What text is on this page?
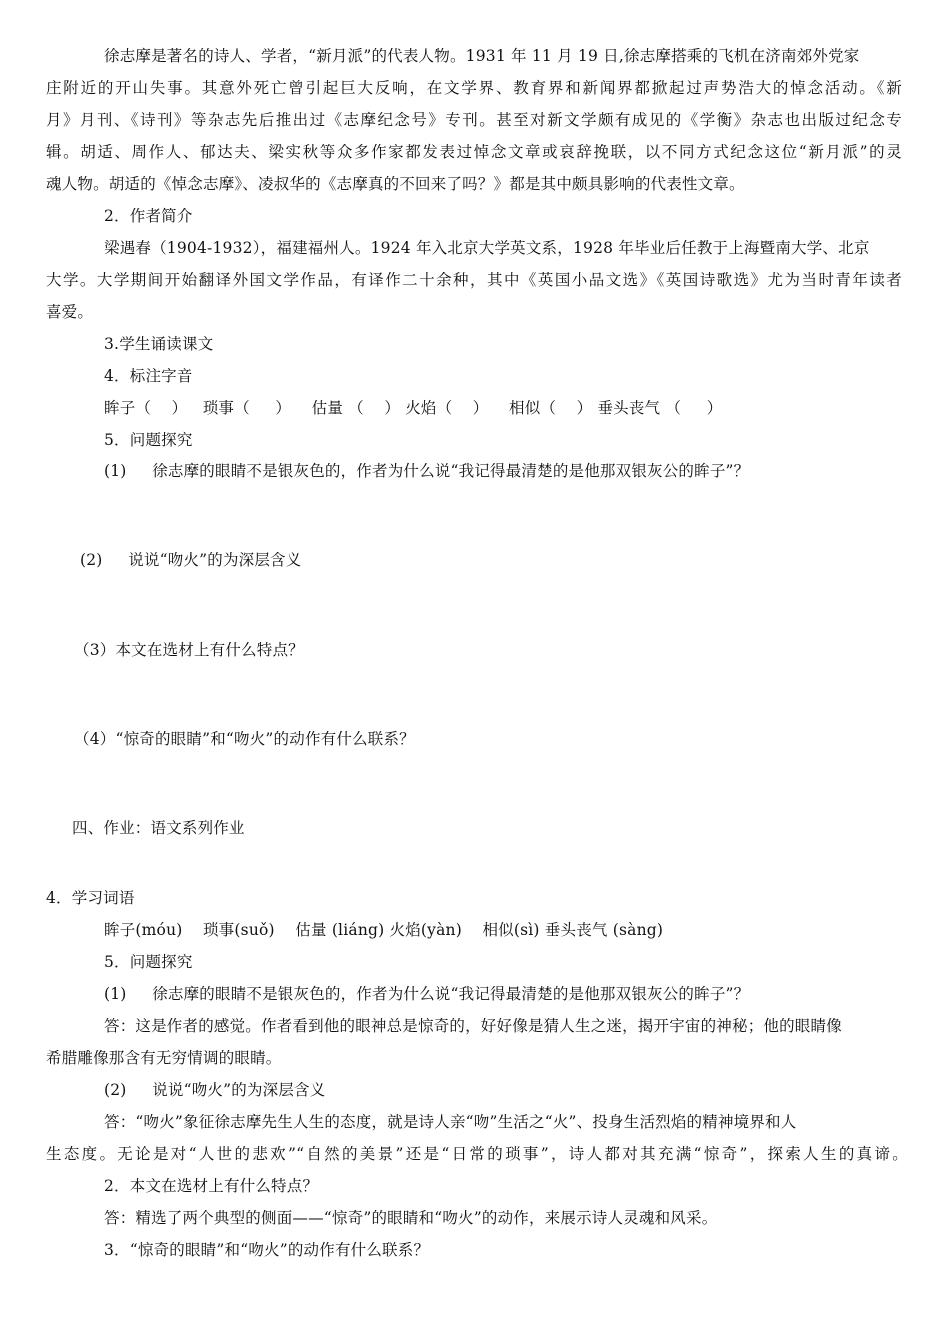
徐志摩是著名的诗人、学者，“新月派”的代表人物。1931 年 11 月 19 日,徐志摩搭乘的飞机在济南郊外党家
庄附近的开山失事。其意外死亡曾引起巨大反响，在文学界、教育界和新闻界都掀起过声势浩大的悼念活动。《新
月》月刊、《诗刊》等杂志先后推出过《志摩纪念号》专刊。甚至对新文学颇有成见的《学衡》杂志也出版过纪念专
辑。胡适、周作人、郁达夫、梁实秋等众多作家都发表过悼念文章或哀辞挽联，以不同方式纪念这位“新月派”的灵
魂人物。胡适的《悼念志摩》、凌叔华的《志摩真的不回来了吗？》都是其中颇具影响的代表性文章。
2．作者简介
梁遇春（1904-1932），福建福州人。1924 年入北京大学英文系，1928 年毕业后任教于上海暨南大学、北京
大学。大学期间开始翻译外国文学作品，有译作二十余种，其中《英国小品文选》《英国诗歌选》尤为当时青年读者
喜爱。
3.学生诵读课文
4．标注字音
眸子（    ）   琐事（     ）    估量 （    ） 火焰（    ）    相似（    ） 垂头丧气 （     ）
5．问题探究
(1)     徐志摩的眼睛不是银灰色的，作者为什么说“我记得最清楚的是他那双银灰公的眸子”？
(2)     说说“吻火”的为深层含义
（3）本文在选材上有什么特点？
（4）“惊奇的眼睛”和“吻火”的动作有什么联系？
四、作业：语文系列作业
4．学习词语
眸子(móu)    琐事(suǒ)    估量 (liáng) 火焰(yàn)    相似(sì) 垂头丧气 (sàng)
5．问题探究
(1)     徐志摩的眼睛不是银灰色的，作者为什么说“我记得最清楚的是他那双银灰公的眸子”？
答：这是作者的感觉。作者看到他的眼神总是惊奇的，好好像是猜人生之迷，揭开宇宙的神秘；他的眼睛像
希腊雕像那含有无穷情调的眼睛。
(2)     说说“吻火”的为深层含义
答：“吻火”象征徐志摩先生人生的态度，就是诗人亲“吻”生活之“火”、投身生活烈焰的精神境界和人
生态度。无论是对“人世的悲欢”“自然的美景”还是“日常的琐事”，诗人都对其充满“惊奇”，探索人生的真谛。
2．本文在选材上有什么特点？
答：精选了两个典型的侧面——“惊奇”的眼睛和“吻火”的动作，来展示诗人灵魂和风采。
3．“惊奇的眼睛”和“吻火”的动作有什么联系？
